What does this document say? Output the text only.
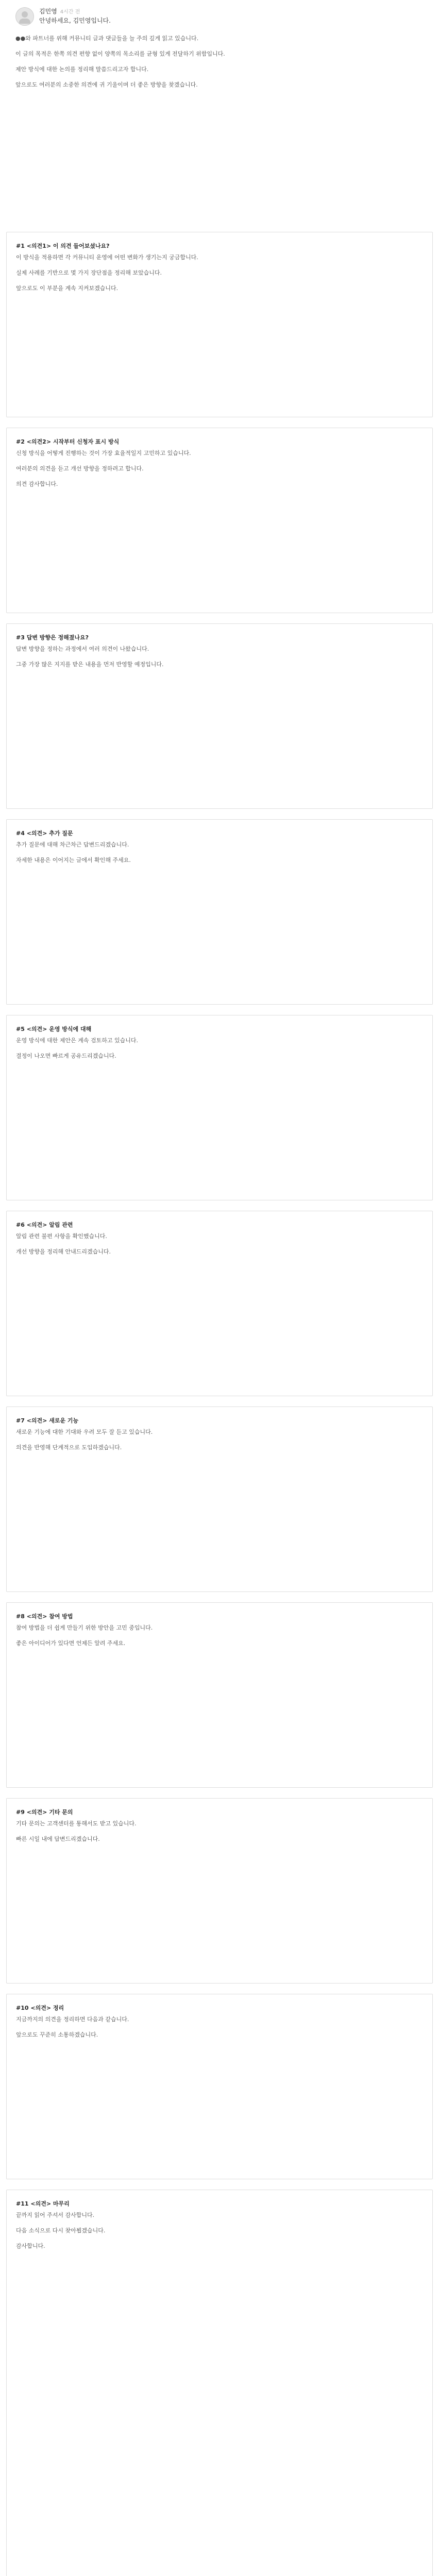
김민영 4시간 전
안녕하세요, 김민영입니다.

●●와 파트너를 위해 커뮤니티 글과 댓글들을 늘 주의 깊게 읽고 있습니다.

이 글의 목적은 한쪽 의견 편향 없이 양쪽의 목소리를 균형 있게 전달하기 위함입니다.

제안 방식에 대한 논의를 정리해 말씀드리고자 합니다.

앞으로도 여러분의 소중한 의견에 귀 기울이며 더 좋은 방향을 찾겠습니다.

#1 <의견1> 이 의견 들어보셨나요?

이 방식을 적용하면 각 커뮤니티 운영에 어떤 변화가 생기는지 궁금합니다.

실제 사례를 기반으로 몇 가지 장단점을 정리해 보았습니다.

앞으로도 이 부분을 계속 지켜보겠습니다.

#2 <의견2> 시작부터 신청자 표시 방식

신청 방식을 어떻게 진행하는 것이 가장 효율적일지 고민하고 있습니다.

여러분의 의견을 듣고 개선 방향을 정하려고 합니다.

의견 감사합니다.

#3 답변 방향은 정해졌나요?

답변 방향을 정하는 과정에서 여러 의견이 나왔습니다.

그중 가장 많은 지지를 받은 내용을 먼저 반영할 예정입니다.

#4 <의견> 추가 질문

추가 질문에 대해 차근차근 답변드리겠습니다.

자세한 내용은 이어지는 글에서 확인해 주세요.

#5 <의견> 운영 방식에 대해

운영 방식에 대한 제안은 계속 검토하고 있습니다.

결정이 나오면 빠르게 공유드리겠습니다.

#6 <의견> 알림 관련

알림 관련 불편 사항을 확인했습니다.

개선 방향을 정리해 안내드리겠습니다.

#7 <의견> 새로운 기능

새로운 기능에 대한 기대와 우려 모두 잘 듣고 있습니다.

의견을 반영해 단계적으로 도입하겠습니다.

#8 <의견> 참여 방법

참여 방법을 더 쉽게 만들기 위한 방안을 고민 중입니다.

좋은 아이디어가 있다면 언제든 알려 주세요.

#9 <의견> 기타 문의

기타 문의는 고객센터를 통해서도 받고 있습니다.

빠른 시일 내에 답변드리겠습니다.

#10 <의견> 정리

지금까지의 의견을 정리하면 다음과 같습니다.

앞으로도 꾸준히 소통하겠습니다.

#11 <의견> 마무리

끝까지 읽어 주셔서 감사합니다.

다음 소식으로 다시 찾아뵙겠습니다.

감사합니다.
